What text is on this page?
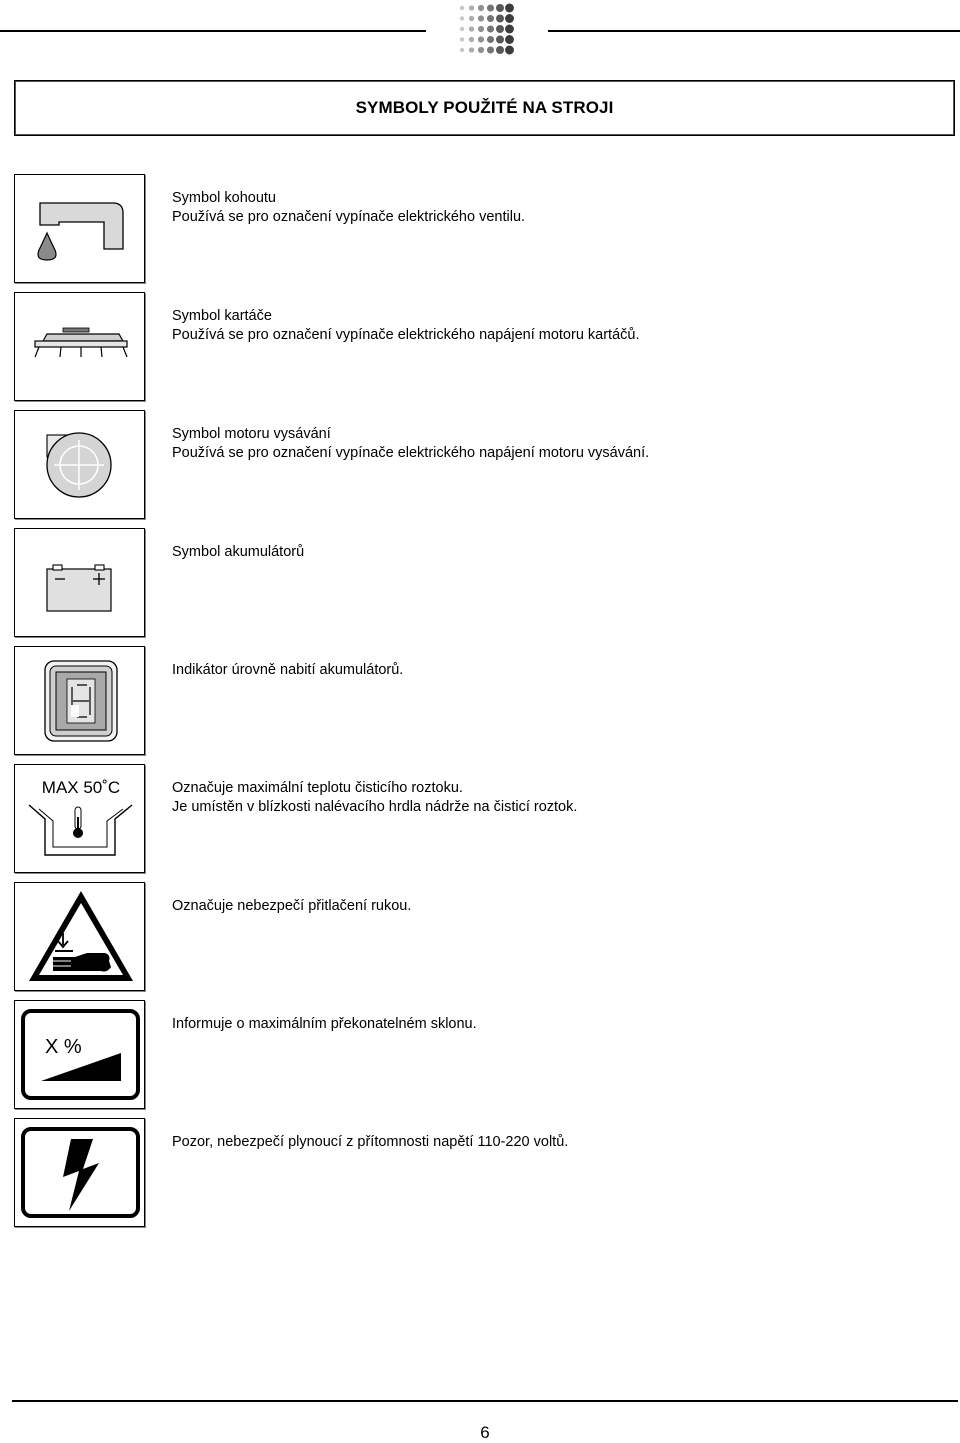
SYMBOLY POUŽITÉ NA STROJI
Symbol kohoutu
Používá se pro označení vypínače elektrického ventilu.
Symbol kartáče
Používá se pro označení vypínače elektrického napájení motoru kartáčů.
Symbol motoru vysávání
Používá se pro označení vypínače elektrického napájení motoru vysávání.
Symbol akumulátorů
Indikátor úrovně nabití akumulátorů.
MAX 50˚C	Označuje maximální teplotu čisticího roztoku.
Je umístěn v blízkosti nalévacího hrdla nádrže na čisticí roztok.
Označuje nebezpečí přitlačení rukou.
X %
Informuje o maximálním překonatelném sklonu.
Pozor, nebezpečí plynoucí z přítomnosti napětí 110-220 voltů.
6
